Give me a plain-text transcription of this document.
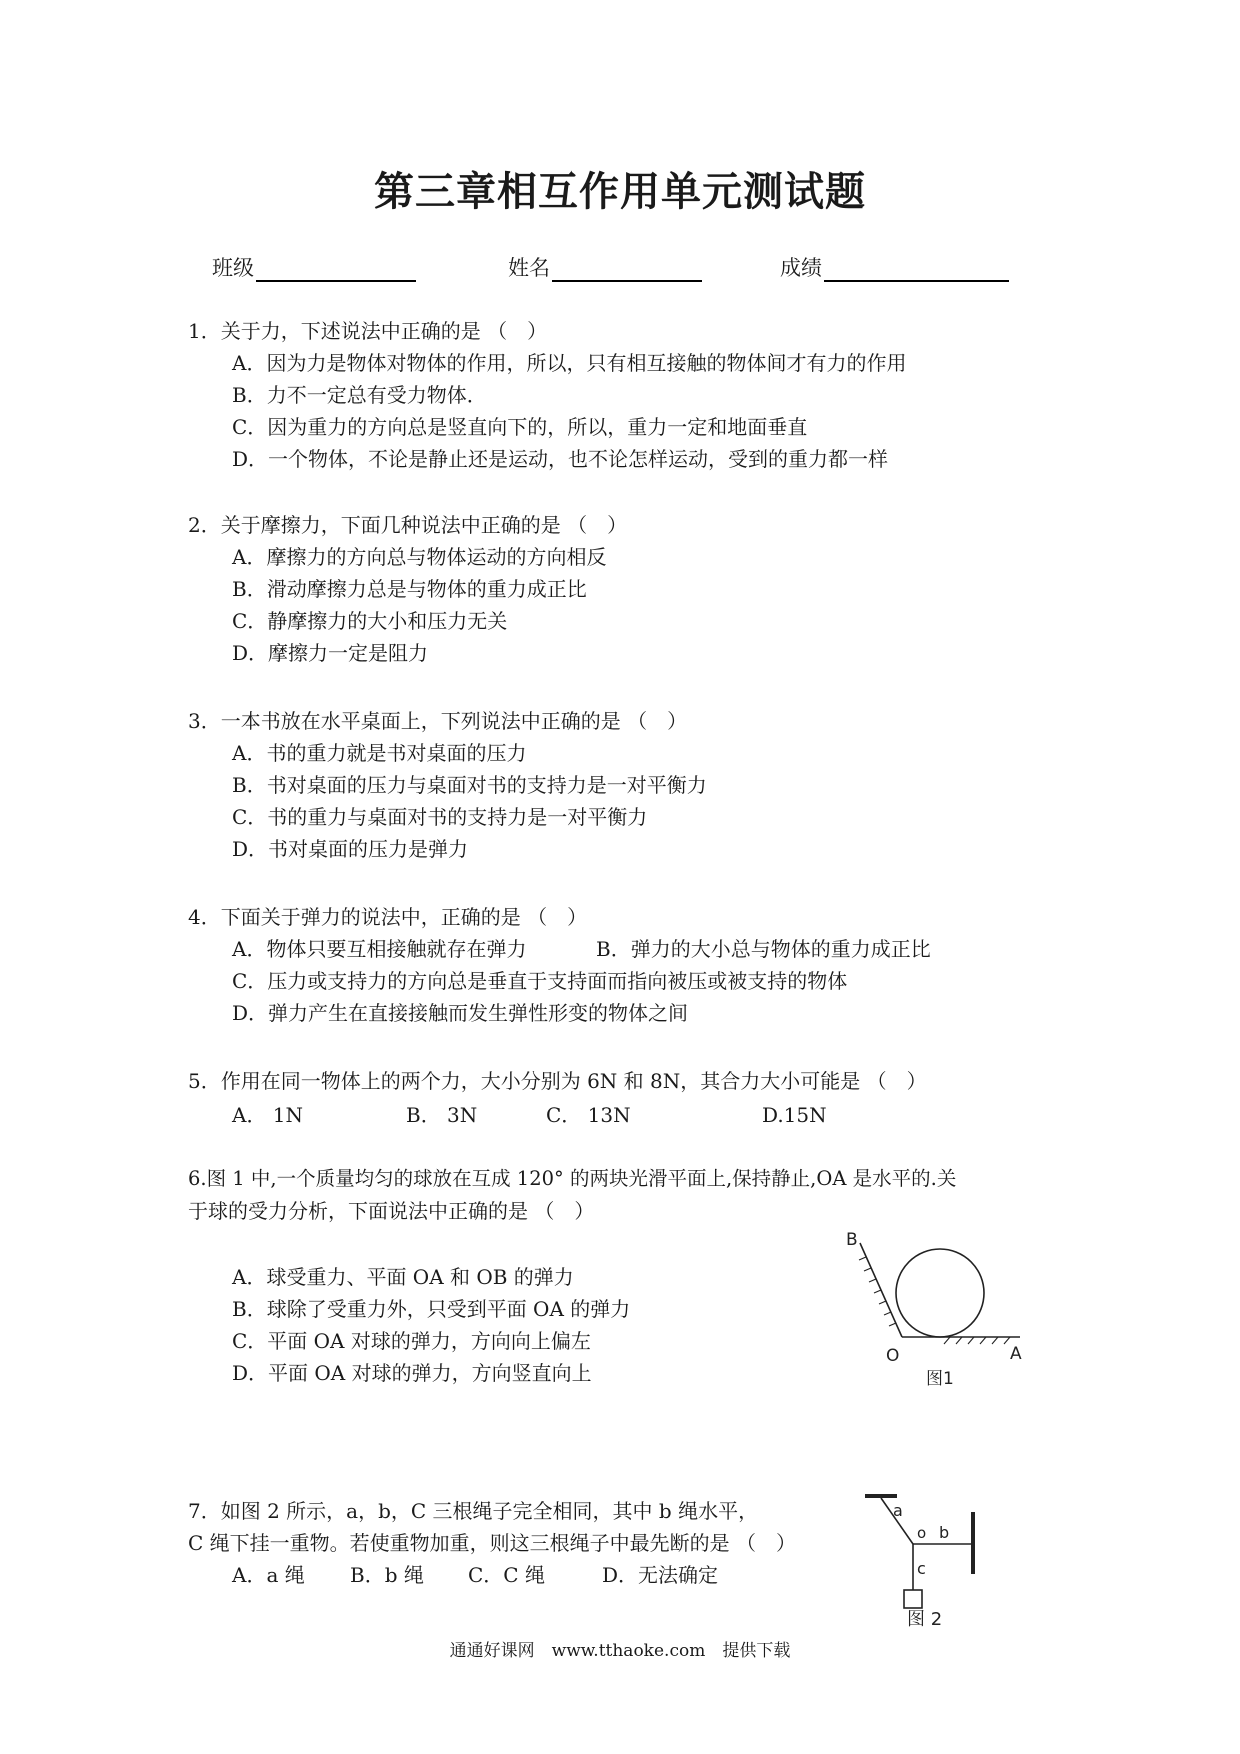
第三章相互作用单元测试题
班级	姓名	成绩
1．关于力，下述说法中正确的是 （　）
A．因为力是物体对物体的作用，所以，只有相互接触的物体间才有力的作用
B．力不一定总有受力物体．
C．因为重力的方向总是竖直向下的，所以，重力一定和地面垂直
D．一个物体，不论是静止还是运动，也不论怎样运动，受到的重力都一样
2．关于摩擦力，下面几种说法中正确的是 （　）
A．摩擦力的方向总与物体运动的方向相反
B．滑动摩擦力总是与物体的重力成正比
C．静摩擦力的大小和压力无关
D．摩擦力一定是阻力
3．一本书放在水平桌面上，下列说法中正确的是 （　）
A．书的重力就是书对桌面的压力
B．书对桌面的压力与桌面对书的支持力是一对平衡力
C．书的重力与桌面对书的支持力是一对平衡力
D．书对桌面的压力是弹力
4．下面关于弹力的说法中，正确的是 （　）
A．物体只要互相接触就存在弹力	B．弹力的大小总与物体的重力成正比
C．压力或支持力的方向总是垂直于支持面而指向被压或被支持的物体
D．弹力产生在直接接触而发生弹性形变的物体之间
5．作用在同一物体上的两个力，大小分别为 6N 和 8N，其合力大小可能是 （　）
A． 1N	B． 3N	C． 13N	D.15N
6.图 1 中,一个质量均匀的球放在互成 120° 的两块光滑平面上,保持静止,OA 是水平的.关
于球的受力分析，下面说法中正确的是 （　）
A．球受重力、平面 OA 和 OB 的弹力
B．球除了受重力外，只受到平面 OA 的弹力
C．平面 OA 对球的弹力，方向向上偏左
D．平面 OA 对球的弹力，方向竖直向上
B
O	A
图1
7．如图 2 所示，a，b，C 三根绳子完全相同，其中 b 绳水平，
C 绳下挂一重物。若使重物加重，则这三根绳子中最先断的是 （　）
A．a 绳 B．b 绳 C．C 绳	D．无法确定
a
o b
c
图 2
通通好课网　www.tthaoke.com　提供下载
